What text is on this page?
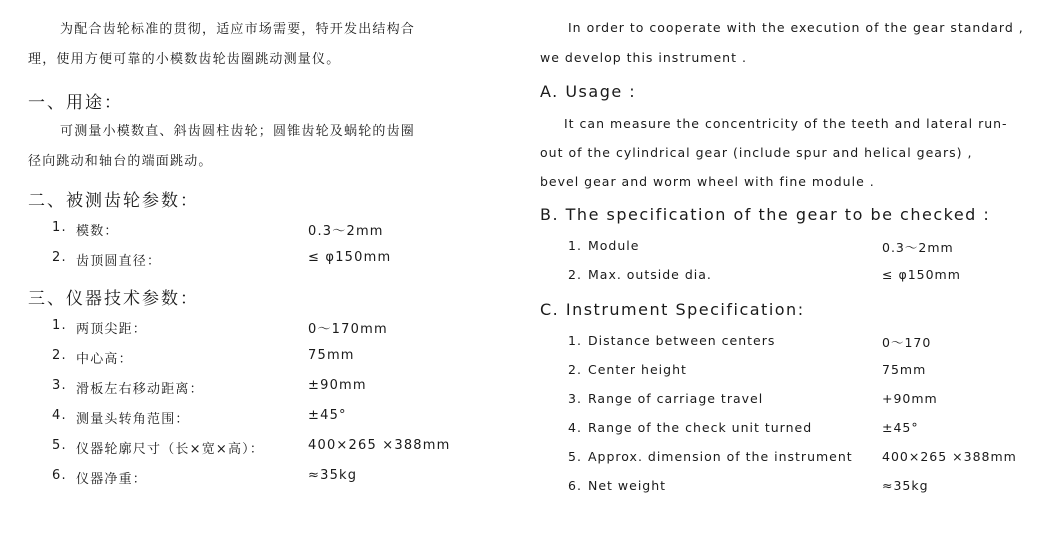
为配合齿轮标准的贯彻，适应市场需要，特开发出结构合
理，使用方便可靠的小模数齿轮齿圈跳动测量仪。
一、用途：
可测量小模数直、斜齿圆柱齿轮；圆锥齿轮及蜗轮的齿圈
径向跳动和轴台的端面跳动。
二、被测齿轮参数：
1. 模数：	0.3～2mm
2. 齿顶圆直径：	≤ φ150mm
三、仪器技术参数：
1. 两顶尖距：	0～170mm
2. 中心高：	75mm
3. 滑板左右移动距离：	±90mm
4. 测量头转角范围：	±45°
5. 仪器轮廓尺寸（长×宽×高）：	400×265 ×388mm
6. 仪器净重：	≈35kg
In order to cooperate with the execution of the gear standard ,
we develop this instrument .
A. Usage :
It can measure the concentricity of the teeth and lateral run-
out of the cylindrical gear (include spur and helical gears) ,
bevel gear and worm wheel with fine module .
B. The specification of the gear to be checked :
1. Module	0.3～2mm
2. Max. outside dia.	≤ φ150mm
C. Instrument Specification:
1. Distance between centers	0～170
2. Center height	75mm
3. Range of carriage travel	+90mm
4. Range of the check unit turned	±45°
5. Approx. dimension of the instrument 400×265 ×388mm
6. Net weight	≈35kg
